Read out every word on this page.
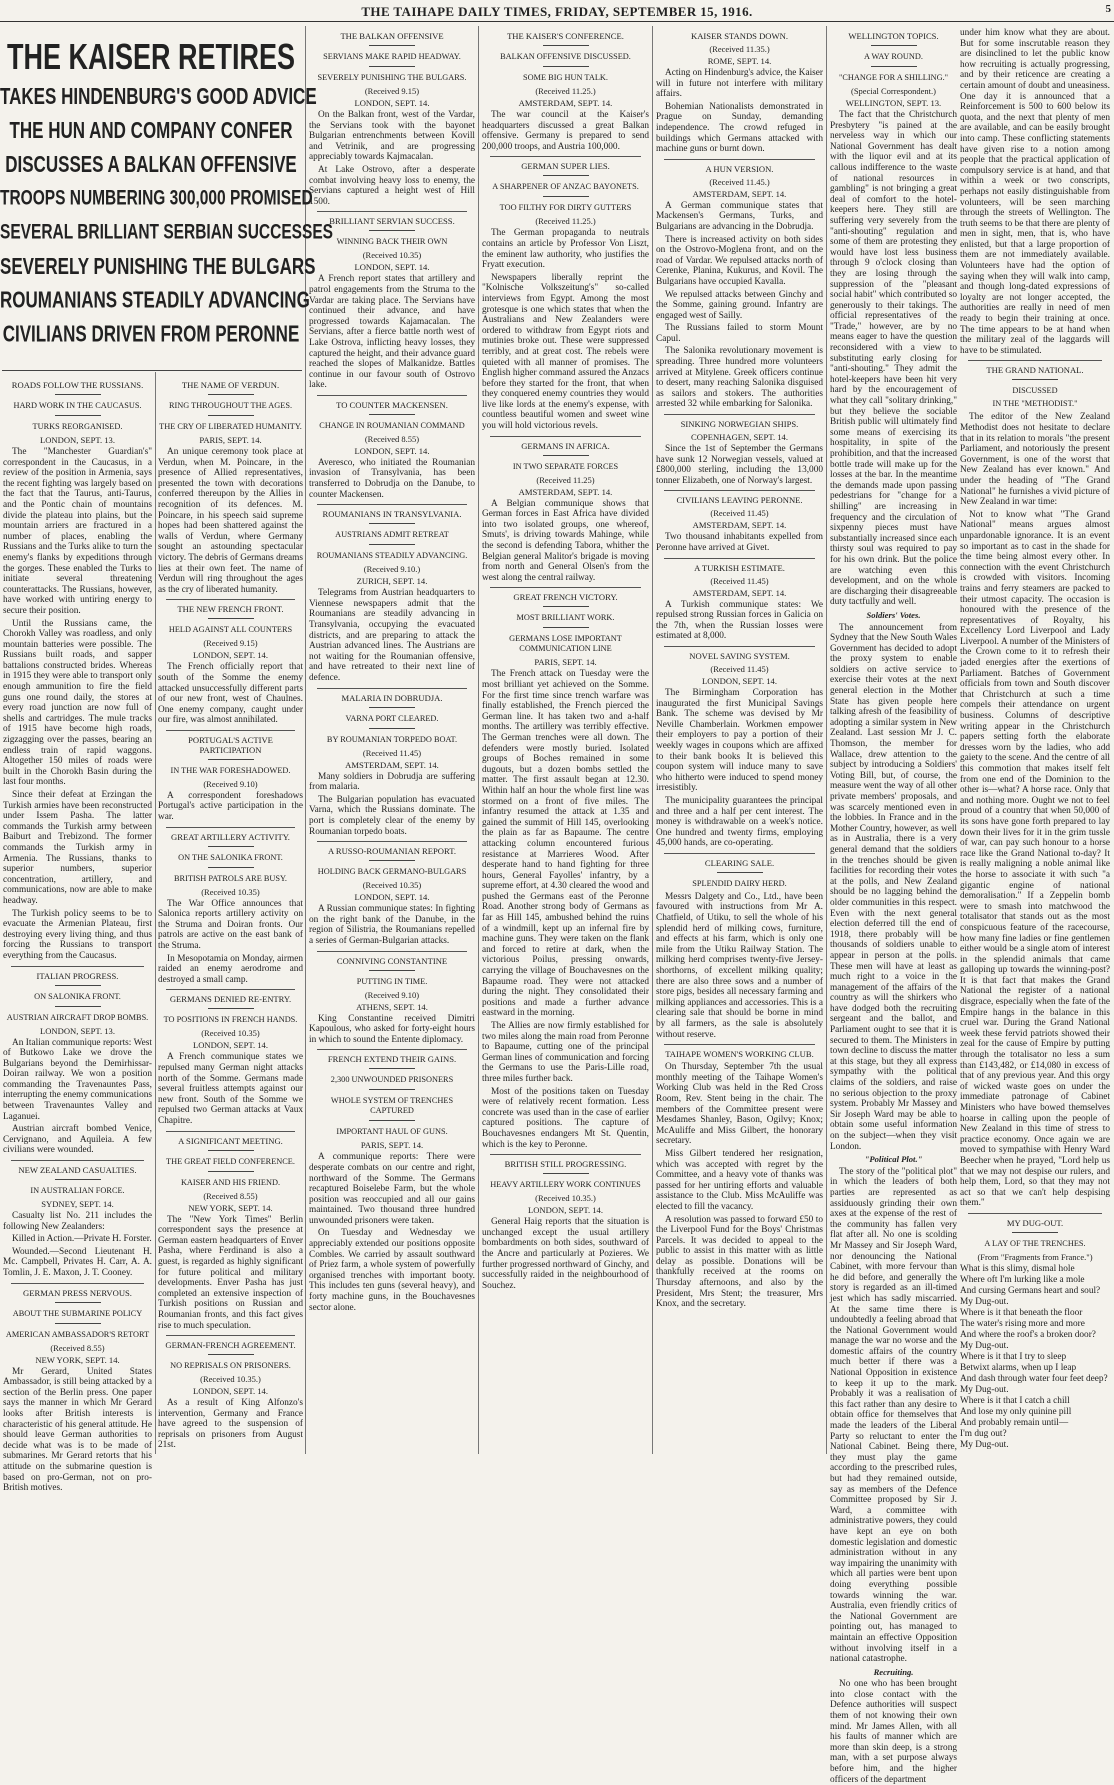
THE TAIHAPE DAILY TIMES, FRIDAY, SEPTEMBER 15, 1916.	5
THE KAISER RETIRES
TAKES HINDENBURG'S GOOD ADVICE
THE HUN AND COMPANY CONFER
DISCUSSES A BALKAN OFFENSIVE
TROOPS NUMBERING 300,000 PROMISED
SEVERAL BRILLIANT SERBIAN SUCCESSES
SEVERELY PUNISHING THE BULGARS
ROUMANIANS STEADILY ADVANCING
CIVILIANS DRIVEN FROM PERONNE
ROADS FOLLOW THE RUSSIANS.
HARD WORK IN THE CAUCASUS.
TURKS REORGANISED.
LONDON, SEPT. 13.

The "Manchester Guardian's" correspondent in the Caucasus, in a review of the position in Armenia, says the recent fighting was largely based on the fact that the Taurus, anti-Taurus, and the Pontic chain of mountains divide the plateau into plains, but the mountain arriers are fractured in a number of places, enabling the Russians and the Turks alike to turn the enemy's flanks by expeditions through the gorges. These enabled the Turks to initiate several threatening counterattacks. The Russians, however, have worked with untiring energy to secure their position.

Until the Russians came, the Chorokh Valley was roadless, and only mountain batteries were possible. The Russians built roads, and sapper battalions constructed brides. Whereas in 1915 they were able to transport only enough ammunition to fire the field guns one round daily, the stores at every road junction are now full of shells and cartridges. The mule tracks of 1915 have become high roads, zigzagging over the passes, bearing an endless train of rapid waggons. Altogether 150 miles of roads were built in the Chorokh Basin during the last four months.

Since their defeat at Erzingan the Turkish armies have been reconstructed under Issem Pasha. The latter commands the Turkish army between Baiburt and Trebizond. The former commands the Turkish army in Armenia. The Russians, thanks to superior numbers, superior concentration, artillery, and communications, now are able to make headway.

The Turkish policy seems to be to evacuate the Armenian Plateau, first destroying every living thing, and thus forcing the Russians to transport everything from the Caucasus.

ITALIAN PROGRESS.
ON SALONIKA FRONT.
AUSTRIAN AIRCRAFT DROP BOMBS.
LONDON, SEPT. 13.

An Italian communique reports: West of Butkowo Lake we drove the Bulgarians beyond the Demirhissar-Doiran railway. We won a position commanding the Travenauntes Pass, interrupting the enemy communications between Travenauntes Valley and Laganuei.

Austrian aircraft bombed Venice, Cervignano, and Aquileia. A few civilians were wounded.

NEW ZEALAND CASUALTIES.
IN AUSTRALIAN FORCE.
SYDNEY, SEPT. 14.

Casualty list No. 211 includes the following New Zealanders:

Killed in Action.—Private H. Forster.

Wounded.—Second Lieutenant H. Mc. Campbell, Privates H. Carr, A. A. Tomlin, J. E. Maxon, J. T. Cooney.

GERMAN PRESS NERVOUS.
ABOUT THE SUBMARINE POLICY
AMERICAN AMBASSADOR'S RETORT
(Received 8.55)
NEW YORK, SEPT. 14.

Mr Gerard, United States Ambassador, is still being attacked by a section of the Berlin press. One paper says the manner in which Mr Gerard looks after British interests is characteristic of his general attitude. He should leave German authorities to decide what was is to be made of submarines. Mr Gerard retorts that his attitude on the submarine question is based on pro-German, not on pro-British motives.

THE NAME OF VERDUN.
RING THROUGHOUT THE AGES.
THE CRY OF LIBERATED HUMANITY.
PARIS, SEPT. 14.

An unique ceremony took place at Verdun, when M. Poincare, in the presence of Allied representatives, presented the town with decorations conferred thereupon by the Allies in recognition of its defences. M. Poincare, in his speech said supreme hopes had been shattered against the walls of Verdun, where Germany sought an astounding spectacular victory. The debris of Germans dreams lies at their own feet. The name of Verdun will ring throughout the ages as the cry of liberated humanity.

THE NEW FRENCH FRONT.
HELD AGAINST ALL COUNTERS
(Received 9.15)
LONDON, SEPT. 14.

The French officially report that south of the Somme the enemy attacked unsuccessfully different parts of our new front, west of Chaulnes. One enemy company, caught under our fire, was almost annihilated.

PORTUGAL'S ACTIVE PARTICIPATION
IN THE WAR FORESHADOWED.
(Received 9.10)

A correspondent foreshadows Portugal's active participation in the war.

GREAT ARTILLERY ACTIVITY.
ON THE SALONIKA FRONT.
BRITISH PATROLS ARE BUSY.
(Received 10.35)

The War Office announces that Salonica reports artillery activity on the Struma and Doiran fronts. Our patrols are active on the east bank of the Struma.

In Mesopotamia on Monday, airmen raided an enemy aerodrome and destroyed a small camp.

GERMANS DENIED RE-ENTRY.
TO POSITIONS IN FRENCH HANDS.
(Received 10.35)
LONDON, SEPT. 14.

A French communique states we repulsed many German night attacks north of the Somme. Germans made several fruitless attempts against our new front. South of the Somme we repulsed two German attacks at Vaux Chapitre.

A SIGNIFICANT MEETING.
THE GREAT FIELD CONFERENCE.
KAISER AND HIS FRIEND.
(Received 8.55)
NEW YORK, SEPT. 14.

The "New York Times" Berlin correspondent says the presence at German eastern headquarters of Enver Pasha, where Ferdinand is also a guest, is regarded as highly significant for future political and military developments. Enver Pasha has just completed an extensive inspection of Turkish positions on Russian and Roumanian fronts, and this fact gives rise to much speculation.

GERMAN-FRENCH AGREEMENT.
NO REPRISALS ON PRISONERS.
(Received 10.35.)
LONDON, SEPT. 14.

As a result of King Alfonzo's intervention, Germany and France have agreed to the suspension of reprisals on prisoners from August 21st.

THE BALKAN OFFENSIVE
SERVIANS MAKE RAPID HEADWAY.
SEVERELY PUNISHING THE BULGARS.
(Received 9.15)
LONDON, SEPT. 14.

On the Balkan front, west of the Vardar, the Servians took with the bayonet Bulgarian entrenchments between Kovill and Vetrinik, and are progressing appreciably towards Kajmacalan.

At Lake Ostrovo, after a desperate combat involving heavy loss to enemy, the Servians captured a height west of Hill 1500.

BRILLIANT SERVIAN SUCCESS.
WINNING BACK THEIR OWN
(Received 10.35)
LONDON, SEPT. 14.

A French report states that artillery and patrol engagements from the Struma to the Vardar are taking place. The Servians have continued their advance, and have progressed towards Kajamacalan. The Servians, after a fierce battle north west of Lake Ostrova, inflicting heavy losses, they captured the height, and their advance guard reached the slopes of Malkanidze. Battles continue in our favour south of Ostrovo lake.

TO COUNTER MACKENSEN.
CHANGE IN ROUMANIAN COMMAND
(Received 8.55)
LONDON, SEPT. 14.

Averesco, who initiated the Roumanian invasion of Transylvania, has been transferred to Dobrudja on the Danube, to counter Mackensen.

ROUMANIANS IN TRANSYLVANIA.
AUSTRIANS ADMIT RETREAT
ROUMANIANS STEADILY ADVANCING.
(Received 9.10.)
ZURICH, SEPT. 14.

Telegrams from Austrian headquarters to Viennese newspapers admit that the Roumanians are steadily advancing in Transylvania, occupying the evacuated districts, and are preparing to attack the Austrian advanced lines. The Austrians are not waiting for the Roumanian offensive, and have retreated to their next line of defence.

MALARIA IN DOBRUDJA.
VARNA PORT CLEARED.
BY ROUMANIAN TORPEDO BOAT.
(Received 11.45)
AMSTERDAM, SEPT. 14.

Many soldiers in Dobrudja are suffering from malaria.

The Bulgarian population has evacuated Varna, which the Russians dominate. The port is completely clear of the enemy by Roumanian torpedo boats.

A RUSSO-ROUMANIAN REPORT.
HOLDING BACK GERMANO-BULGARS
(Received 10.35)
LONDON, SEPT. 14.

A Russian communique states: In fighting on the right bank of the Danube, in the region of Silistria, the Roumanians repelled a series of German-Bulgarian attacks.

CONNIVING CONSTANTINE
PUTTING IN TIME.
(Received 9.10)
ATHENS, SEPT. 14.

King Constantine received Dimitri Kapoulous, who asked for forty-eight hours in which to sound the Entente diplomacy.

FRENCH EXTEND THEIR GAINS.
2,300 UNWOUNDED PRISONERS
WHOLE SYSTEM OF TRENCHES CAPTURED
IMPORTANT HAUL OF GUNS.
PARIS, SEPT. 14.

A communique reports: There were desperate combats on our centre and right, northward of the Somme. The Germans recaptured Boiselebe Farm, but the whole position was reoccupied and all our gains maintained. Two thousand three hundred unwounded prisoners were taken.

On Tuesday and Wednesday we appreciably extended our positions opposite Combles. We carried by assault southward of Priez farm, a whole system of powerfully organised trenches with important booty. This includes ten guns (several heavy), and forty machine guns, in the Bouchavesnes sector alone.

THE KAISER'S CONFERENCE.
BALKAN OFFENSIVE DISCUSSED.
SOME BIG HUN TALK.
(Received 11.25.)
AMSTERDAM, SEPT. 14.

The war council at the Kaiser's headquarters discussed a great Balkan offensive. Germany is prepared to send 200,000 troops, and Austria 100,000.

GERMAN SUPER LIES.
A SHARPENER OF ANZAC BAYONETS.
TOO FILTHY FOR DIRTY GUTTERS
(Received 11.25.)

The German propaganda to neutrals contains an article by Professor Von Liszt, the eminent law authority, who justifies the Fryatt execution.

Newspapers liberally reprint the "Kolnische Volkszeitung's" so-called interviews from Egypt. Among the most grotesque is one which states that when the Australians and New Zealanders were ordered to withdraw from Egypt riots and mutinies broke out. These were suppressed terribly, and at great cost. The rebels were quieted with all manner of promises. The English higher command assured the Anzacs before they started for the front, that when they conquered enemy countries they would live like lords at the enemy's expense, with countless beautiful women and sweet wine you will hold victorious revels.

GERMANS IN AFRICA.
IN TWO SEPARATE FORCES
(Received 11.25)
AMSTERDAM, SEPT. 14.

A Belgian communique shows that German forces in East Africa have divided into two isolated groups, one whereof, Smuts', is driving towards Mahinge, while the second is defending Tabora, whither the Belgian general Malitor's brigade is moving from north and General Olsen's from the west along the central railway.

GREAT FRENCH VICTORY.
MOST BRILLIANT WORK.
GERMANS LOSE IMPORTANT COMMUNICATION LINE
PARIS, SEPT. 14.

The French attack on Tuesday were the most brilliant yet achieved on the Somme. For the first time since trench warfare was finally established, the French pierced the German line. It has taken two and a-half months. The artillery was terribly effective. The German trenches were all down. The defenders were mostly buried. Isolated groups of Boches remained in some dugouts, but a dozen bombs settled the matter. The first assault began at 12.30. Within half an hour the whole first line was stormed on a front of five miles. The infantry resumed the attack at 1.35 and gained the summit of Hill 145, overlooking the plain as far as Bapaume. The centre attacking column encountered furious resistance at Marrieres Wood. After desperate hand to hand fighting for three hours, General Fayolles' infantry, by a supreme effort, at 4.30 cleared the wood and pushed the Germans east of the Peronne Road. Another strong body of Germans as far as Hill 145, ambushed behind the ruins of a windmill, kept up an infernal fire by machine guns. They were taken on the flank and forced to retire at dark, when the victorious Poilus, pressing onwards, carrying the village of Bouchavesnes on the Bapaume road. They were not attacked during the night. They consolidated their positions and made a further advance eastward in the morning.

The Allies are now firmly established for two miles along the main road from Peronne to Bapaume, cutting one of the principal German lines of communication and forcing the Germans to use the Paris-Lille road, three miles further back.

Most of the positions taken on Tuesday were of relatively recent formation. Less concrete was used than in the case of earlier captured positions. The capture of Bouchavesnes endangers Mt St. Quentin, which is the key to Peronne.

BRITISH STILL PROGRESSING.
HEAVY ARTILLERY WORK CONTINUES
(Received 10.35.)
LONDON, SEPT. 14.

General Haig reports that the situation is unchanged except the usual artillery bombardments on both sides, southward of the Ancre and particularly at Pozieres. We further progressed northward of Ginchy, and successfully raided in the neighbourhood of Souchez.

KAISER STANDS DOWN.
(Received 11.35.)
ROME, SEPT. 14.

Acting on Hindenburg's advice, the Kaiser will in future not interfere with military affairs.

Bohemian Nationalists demonstrated in Prague on Sunday, demanding independence. The crowd refuged in buildings which Germans attacked with machine guns or burnt down.

A HUN VERSION.
(Received 11.45.)
AMSTERDAM, SEPT. 14.

A German communique states that Mackensen's Germans, Turks, and Bulgarians are advancing in the Dobrudja.

There is increased activity on both sides on the Ostrovo-Moglena front, and on the road of Vardar. We repulsed attacks north of Cerenke, Planina, Kukurus, and Kovil. The Bulgarians have occupied Kavalla.

We repulsed attacks between Ginchy and the Somme, gaining ground. Infantry are engaged west of Sailly.

The Russians failed to storm Mount Capul.

The Salonika revolutionary movement is spreading. Three hundred more volunteers arrived at Mitylene. Greek officers continue to desert, many reaching Salonika disguised as sailors and stokers. The authorities arrested 32 while embarking for Salonika.

SINKING NORWEGIAN SHIPS.
COPENHAGEN, SEPT. 14.

Since the 1st of September the Germans have sunk 12 Norwegian vessels, valued at £800,000 sterling, including the 13,000 tonner Elizabeth, one of Norway's largest.

CIVILIANS LEAVING PERONNE.
(Received 11.45)
AMSTERDAM, SEPT. 14.

Two thousand inhabitants expelled from Peronne have arrived at Givet.

A TURKISH ESTIMATE.
(Received 11.45)
AMSTERDAM, SEPT. 14.

A Turkish communique states: We repulsed strong Russian forces in Galicia on the 7th, when the Russian losses were estimated at 8,000.

NOVEL SAVING SYSTEM.
(Received 11.45)
LONDON, SEPT. 14.

The Birmingham Corporation has inaugurated the first Municipal Savings Bank. The scheme was devised by Mr Neville Chamberlain. Workmen empower their employers to pay a portion of their weekly wages in coupons which are affixed to their bank books It is believed this coupon system will induce many to save who hitherto were induced to spend money irresistibly.

The municipality guarantees the principal and three and a half per cent interest. The money is withdrawable on a week's notice. One hundred and twenty firms, employing 45,000 hands, are co-operating.

CLEARING SALE.
SPLENDID DAIRY HERD.

Messrs Dalgety and Co., Ltd., have been favoured with instructions from Mr A. Chatfield, of Utiku, to sell the whole of his splendid herd of milking cows, furniture, and effects at his farm, which is only one mile from the Utiku Railway Station. The milking herd comprises twenty-five Jersey-shorthorns, of excellent milking quality; there are also three sows and a number of store pigs, besides all necessary farming and milking appliances and accessories. This is a clearing sale that should be borne in mind by all farmers, as the sale is absolutely without reserve.

TAIHAPE WOMEN'S WORKING CLUB.

On Thursday, September 7th the usual monthly meeting of the Taihape Women's Working Club was held in the Red Cross Room, Rev. Stent being in the chair. The members of the Committee present were Mesdames Shanley, Bason, Ogilvy; Knox; McAuliffe and Miss Gilbert, the honorary secretary.

Miss Gilbert tendered her resignation, which was accepted with regret by the Committee, and a heavy vote of thanks was passed for her untiring efforts and valuable assistance to the Club. Miss McAuliffe was elected to fill the vacancy.

A resolution was passed to forward £50 to the Liverpool Fund for the Boys' Christmas Parcels. It was decided to appeal to the public to assist in this matter with as little delay as possible. Donations will be thankfully received at the rooms on Thursday afternoons, and also by the President, Mrs Stent; the treasurer, Mrs Knox, and the secretary.

WELLINGTON TOPICS.
A WAY ROUND.
"CHANGE FOR A SHILLING."
(Special Correspondent.)
WELLINGTON, SEPT. 13.

The fact that the Christchurch Presbytery "is pained at the nerveless way in which our National Government has dealt with the liquor evil and at its callous indifference to the waste of national resources in gambling" is not bringing a great deal of comfort to the hotel-keepers here. They still are suffering very severely from the "anti-shouting" regulation and some of them are protesting they would have lost less business through 9 o'clock closing than they are losing through the suppression of the "pleasant social habit" which contributed so generously to their takings. The official representatives of the "Trade," however, are by no means eager to have the question reconsidered with a view to substituting early closing for "anti-shouting." They admit the hotel-keepers have been hit very hard by the encouragement of what they call "solitary drinking," but they believe the sociable British public will ultimately find some means of exercising its hospitality, in spite of the prohibition, and that the increased bottle trade will make up for the losses at the bar. In the meantime the demands made upon passing pedestrians for "change for a shilling" are increasing in frequency and the circulation of sixpenny pieces must have substantially increased since each thirsty soul was required to pay for his own drink. But the police are watching even this development, and on the whole are discharging their disagreeable duty tactfully and well.

Soldiers' Votes.

The announcement from Sydney that the New South Wales Government has decided to adopt the proxy system to enable soldiers on active service to exercise their votes at the next general election in the Mother State has given people here talking afresh of the feasibility of adopting a similar system in New Zealand. Last session Mr J. C. Thomson, the member for Wallace, drew attention to the subject by introducing a Soldiers' Voting Bill, but, of course, the measure went the way of all other private members' proposals, and was scarcely mentioned even in the lobbies. In France and in the Mother Country, however, as well as in Australia, there is a very general demand that the soldiers in the trenches should be given facilities for recording their votes at the polls, and New Zealand should be no lagging behind the older communities in this respect. Even with the next general election deferred till the end of 1918, there probably will be thousands of soldiers unable to appear in person at the polls. These men will have at least as much right to a voice in the management of the affairs of the country as will the shirkers who have dodged both the recruiting sergeant and the ballot, and Parliament ought to see that it is secured to them. The Ministers in town decline to discuss the matter at this stage, but they all express sympathy with the political claims of the soldiers, and raise no serious objection to the proxy system. Probably Mr Massey and Sir Joseph Ward may be able to obtain some useful information on the subject—when they visit London.

"Political Plot."

The story of the "political plot" in which the leaders of both parties are represented as assiduously grinding their own axes at the expense of the rest of the community has fallen very flat after all. No one is scolding Mr Massey and Sir Joseph Ward, nor denouncing the National Cabinet, with more fervour than he did before, and generally the story is regarded as an ill-timed jest which has sadly miscarried. At the same time there is undoubtedly a feeling abroad that the National Government would manage the war no worse and the domestic affairs of the country much better if there was a National Opposition in existence to keep it up to the mark. Probably it was a realisation of this fact rather than any desire to obtain office for themselves that made the leaders of the Liberal Party so reluctant to enter the National Cabinet. Being there, they must play the game according to the prescribed rules, but had they remained outside, say as members of the Defence Committee proposed by Sir J. Ward, a committee with administrative powers, they could have kept an eye on both domestic legislation and domestic administration without in any way impairing the unanimity with which all parties were bent upon doing everything possible towards winning the war. Australia, even friendly critics of the National Government are pointing out, has managed to maintain an effective Opposition without involving itself in a national catastrophe.

Recruiting.

No one who has been brought into close contact with the Defence authorities will suspect them of not knowing their own mind. Mr James Allen, with all his faults of manner which are more than skin deep, is a strong man, with a set purpose always before him, and the higher officers of the department

under him know what they are about. But for some inscrutable reason they are disinclined to let the public know how recruiting is actually progressing, and by their reticence are creating a certain amount of doubt and uneasiness. One day it is announced that a Reinforcement is 500 to 600 below its quota, and the next that plenty of men are available, and can be easily brought into camp. These conflicting statements have given rise to a notion among people that the practical application of compulsory service is at hand, and that within a week or two conscripts, perhaps not easily distinguishable from volunteers, will be seen marching through the streets of Wellington. The truth seems to be that there are plenty of men in sight, men, that is, who have enlisted, but that a large proportion of them are not immediately available. Volunteers have had the option of saying when they will walk into camp, and though long-dated expressions of loyalty are not longer accepted, the authorities are really in need of men ready to begin their training at once. The time appears to be at hand when the military zeal of the laggards will have to be stimulated.

THE GRAND NATIONAL.
DISCUSSED
IN THE "METHODIST."

The editor of the New Zealand Methodist does not hesitate to declare that in its relation to morals "the present Parliament, and notoriously the present Government, is one of the worst that New Zealand has ever known." And under the heading of "The Grand National" he furnishes a vivid picture of New Zealand in war time:

Not to know what "The Grand National" means argues almost unpardonable ignorance. It is an event so important as to cast in the shade for the time being almost every other. In connection with the event Christchurch is crowded with visitors. Incoming trains and ferry steamers are packed to their utmost capacity. The occasion is honoured with the presence of the representatives of Royalty, his Excellency Lord Liverpool and Lady Liverpool. A number of the Ministers of the Crown come to it to refresh their jaded energies after the exertions of Parliament. Batches of Government officials from town and South discover that Christchurch at such a time compels their attendance on urgent business. Columns of descriptive writing appear in the Christchurch papers setting forth the elaborate dresses worn by the ladies, who add gaiety to the scene. And the centre of all this commotion that makes itself felt from one end of the Dominion to the other is—what? A horse race. Only that and nothing more. Ought we not to feel proud of a country that when 50,000 of its sons have gone forth prepared to lay down their lives for it in the grim tussle of war, can pay such honour to a horse race like the Grand National to-day? It is really maligning a noble animal like the horse to associate it with such "a gigantic engine of national demoralisation." If a Zeppelin bomb were to smash into matchwood the totalisator that stands out as the most conspicuous feature of the racecourse, how many fine ladies or fine gentlemen either would be a single atom of interest in the splendid animals that came galloping up towards the winning-post? It is that fact that makes the Grand National the register of a national disgrace, especially when the fate of the Empire hangs in the balance in this cruel war. During the Grand National week these fervid patriots showed their zeal for the cause of Empire by putting through the totalisator no less a sum than £143,482, or £14,080 in excess of that of any previous year. And this orgy of wicked waste goes on under the immediate patronage of Cabinet Ministers who have bowed themselves hoarse in calling upon the people of New Zealand in this time of stress to practice economy. Once again we are moved to sympathise with Henry Ward Beecher when he prayed, "Lord help us that we may not despise our rulers, and help them, Lord, so that they may not act so that we can't help despising them."

MY DUG-OUT.
A LAY OF THE TRENCHES.
(From "Fragments from France.")

What is this slimy, dismal hole
Where oft I'm lurking like a mole
And cursing Germans heart and soul?
My Dug-out.

Where is it that beneath the floor
The water's rising more and more
And where the roof's a broken door?
My Dug-out.

Where is it that I try to sleep
Betwixt alarms, when up I leap
And dash through water four feet deep?
My Dug-out.

Where is it that I catch a chill
And lose my only quinine pill
And probably remain until—
I'm dug out?
My Dug-out.
